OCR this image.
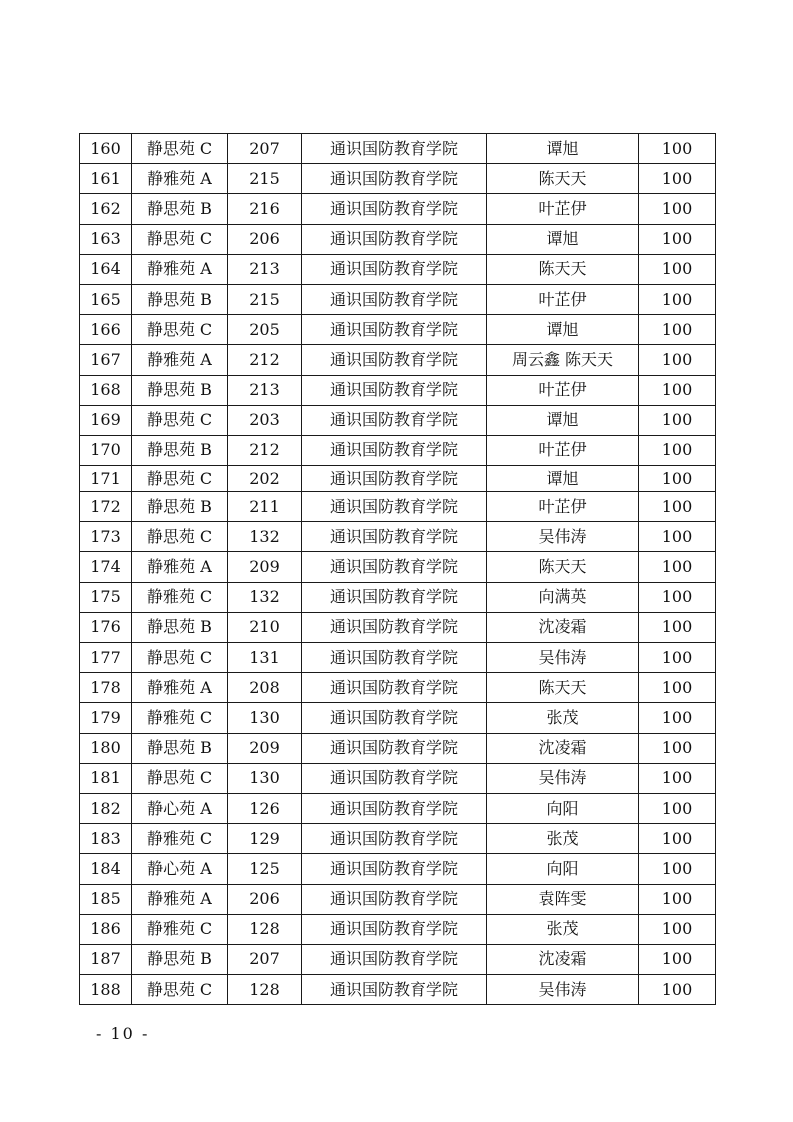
160	静思苑 C	207	通识国防教育学院	谭旭	100
161	静雅苑 A	215	通识国防教育学院	陈天天	100
162	静思苑 B	216	通识国防教育学院	叶芷伊	100
163	静思苑 C	206	通识国防教育学院	谭旭	100
164	静雅苑 A	213	通识国防教育学院	陈天天	100
165	静思苑 B	215	通识国防教育学院	叶芷伊	100
166	静思苑 C	205	通识国防教育学院	谭旭	100
167	静雅苑 A	212	通识国防教育学院	周云鑫 陈天天	100
168	静思苑 B	213	通识国防教育学院	叶芷伊	100
169	静思苑 C	203	通识国防教育学院	谭旭	100
170	静思苑 B	212	通识国防教育学院	叶芷伊	100
171	静思苑 C	202	通识国防教育学院	谭旭	100
172	静思苑 B	211	通识国防教育学院	叶芷伊	100
173	静思苑 C	132	通识国防教育学院	吴伟涛	100
174	静雅苑 A	209	通识国防教育学院	陈天天	100
175	静雅苑 C	132	通识国防教育学院	向满英	100
176	静思苑 B	210	通识国防教育学院	沈凌霜	100
177	静思苑 C	131	通识国防教育学院	吴伟涛	100
178	静雅苑 A	208	通识国防教育学院	陈天天	100
179	静雅苑 C	130	通识国防教育学院	张茂	100
180	静思苑 B	209	通识国防教育学院	沈凌霜	100
181	静思苑 C	130	通识国防教育学院	吴伟涛	100
182	静心苑 A	126	通识国防教育学院	向阳	100
183	静雅苑 C	129	通识国防教育学院	张茂	100
184	静心苑 A	125	通识国防教育学院	向阳	100
185	静雅苑 A	206	通识国防教育学院	袁阵雯	100
186	静雅苑 C	128	通识国防教育学院	张茂	100
187	静思苑 B	207	通识国防教育学院	沈凌霜	100
188	静思苑 C	128	通识国防教育学院	吴伟涛	100
- 10 -
